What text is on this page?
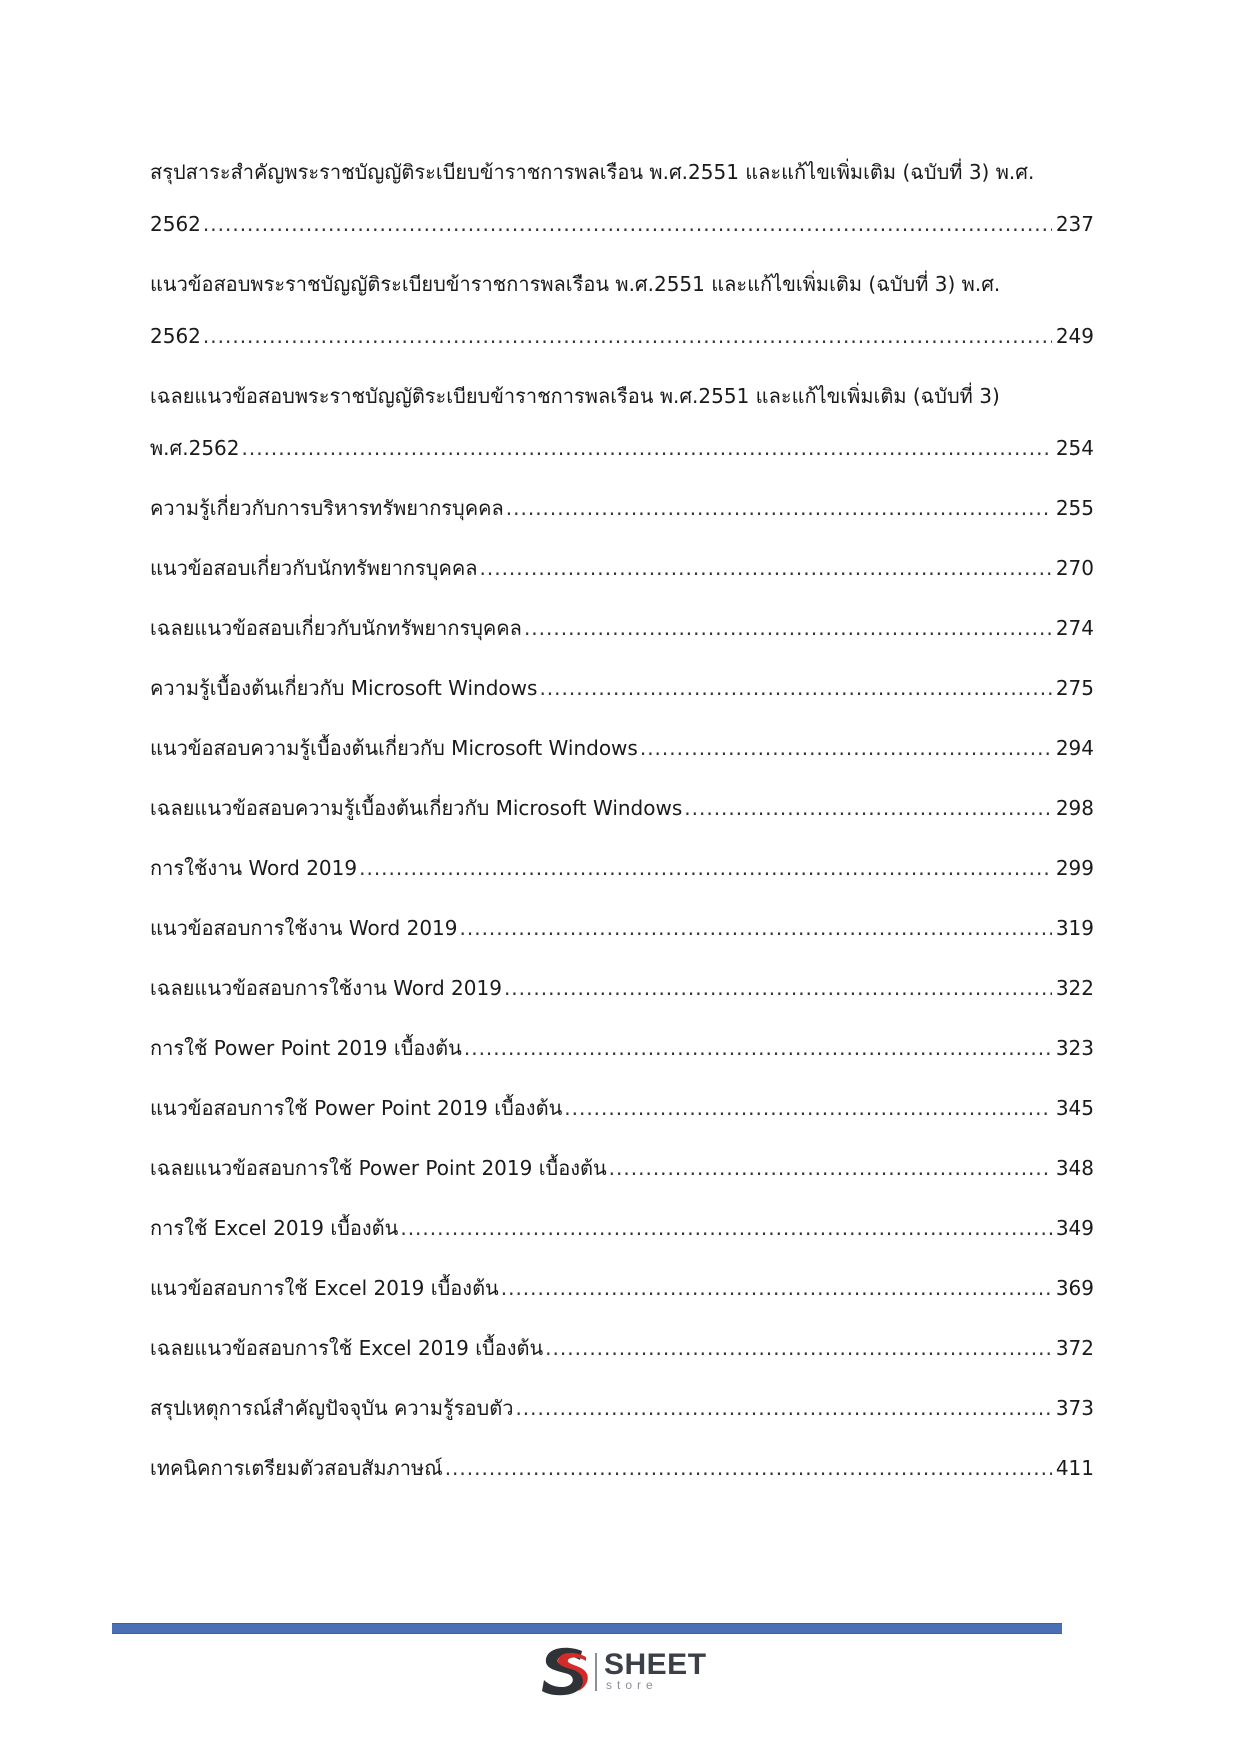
สรุปสาระสำคัญพระราชบัญญัติระเบียบข้าราชการพลเรือน พ.ศ.2551 และแก้ไขเพิ่มเติม (ฉบับที่ 3) พ.ศ.
2562 .....	237
แนวข้อสอบพระราชบัญญัติระเบียบข้าราชการพลเรือน พ.ศ.2551 และแก้ไขเพิ่มเติม (ฉบับที่ 3) พ.ศ.
2562 .....	249
เฉลยแนวข้อสอบพระราชบัญญัติระเบียบข้าราชการพลเรือน พ.ศ.2551 และแก้ไขเพิ่มเติม (ฉบับที่ 3)
พ.ศ.2562 .....	254
ความรู้เกี่ยวกับการบริหารทรัพยากรบุคคล .....	255
แนวข้อสอบเกี่ยวกับนักทรัพยากรบุคคล .....	270
เฉลยแนวข้อสอบเกี่ยวกับนักทรัพยากรบุคคล .....	274
ความรู้เบื้องต้นเกี่ยวกับ Microsoft Windows .....	275
แนวข้อสอบความรู้เบื้องต้นเกี่ยวกับ Microsoft Windows .....	294
เฉลยแนวข้อสอบความรู้เบื้องต้นเกี่ยวกับ Microsoft Windows .....	298
การใช้งาน Word 2019 .....	299
แนวข้อสอบการใช้งาน Word 2019 .....	319
เฉลยแนวข้อสอบการใช้งาน Word 2019 .....	322
การใช้ Power Point 2019 เบื้องต้น .....	323
แนวข้อสอบการใช้ Power Point 2019 เบื้องต้น .....	345
เฉลยแนวข้อสอบการใช้ Power Point 2019 เบื้องต้น .....	348
การใช้ Excel 2019 เบื้องต้น .....	349
แนวข้อสอบการใช้ Excel 2019 เบื้องต้น .....	369
เฉลยแนวข้อสอบการใช้ Excel 2019 เบื้องต้น .....	372
สรุปเหตุการณ์สำคัญปัจจุบัน ความรู้รอบตัว .....	373
เทคนิคการเตรียมตัวสอบสัมภาษณ์ .....	411
SHEET
store
